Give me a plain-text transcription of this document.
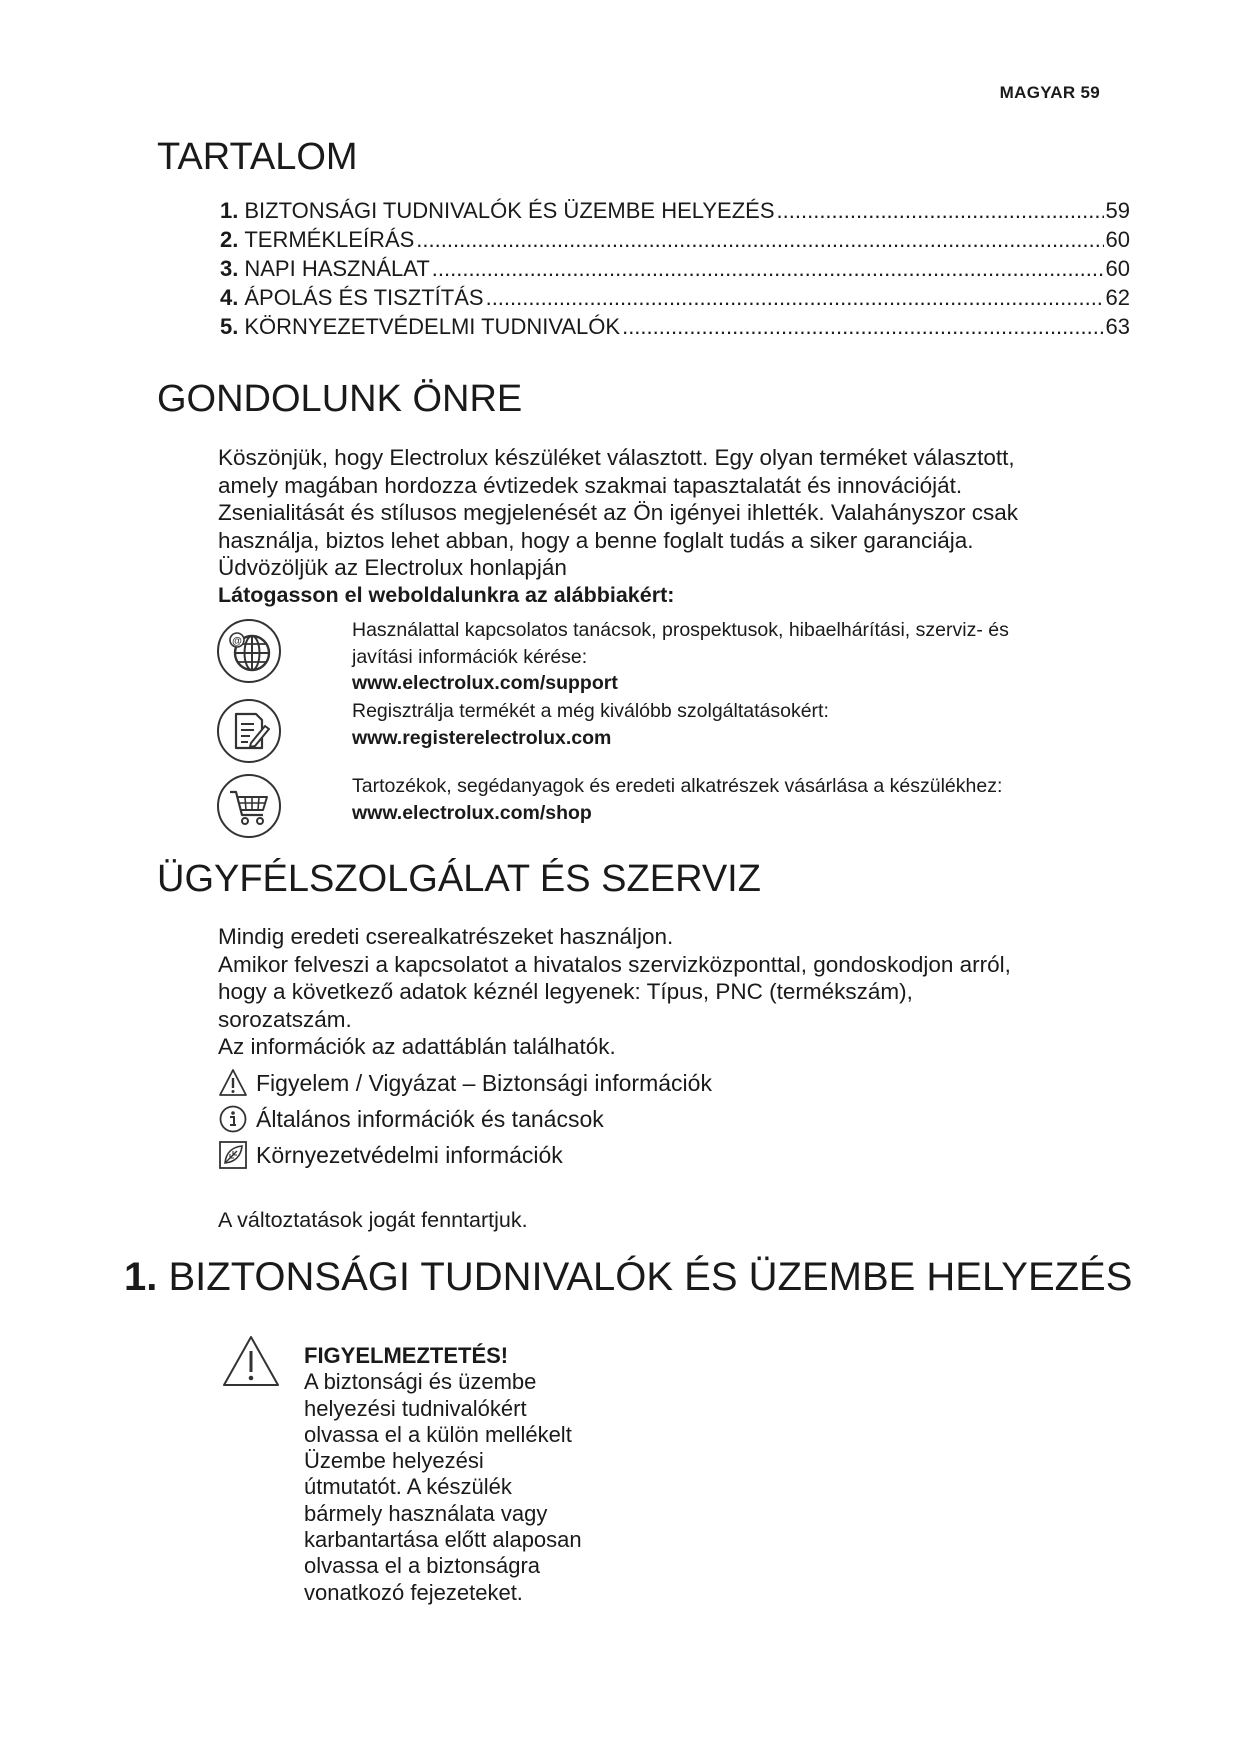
MAGYAR 59
TARTALOM
1. BIZTONSÁGI TUDNIVALÓK ÉS ÜZEMBE HELYEZÉS .....	59
2. TERMÉKLEÍRÁS .....	60
3. NAPI HASZNÁLAT .....	60
4. ÁPOLÁS ÉS TISZTÍTÁS .....	62
5. KÖRNYEZETVÉDELMI TUDNIVALÓK .....	63
GONDOLUNK ÖNRE
Köszönjük, hogy Electrolux készüléket választott. Egy olyan terméket választott,
amely magában hordozza évtizedek szakmai tapasztalatát és innovációját.
Zsenialitását és stílusos megjelenését az Ön igényei ihlették. Valahányszor csak
használja, biztos lehet abban, hogy a benne foglalt tudás a siker garanciája.
Üdvözöljük az Electrolux honlapján
Látogasson el weboldalunkra az alábbiakért:
@
Használattal kapcsolatos tanácsok, prospektusok, hibaelhárítási, szerviz- és
javítási információk kérése:
www.electrolux.com/support
Regisztrálja termékét a még kiválóbb szolgáltatásokért:
www.registerelectrolux.com
Tartozékok, segédanyagok és eredeti alkatrészek vásárlása a készülékhez:
www.electrolux.com/shop
ÜGYFÉLSZOLGÁLAT ÉS SZERVIZ
Mindig eredeti cserealkatrészeket használjon.
Amikor felveszi a kapcsolatot a hivatalos szervizközponttal, gondoskodjon arról,
hogy a következő adatok kéznél legyenek: Típus, PNC (termékszám),
sorozatszám.
Az információk az adattáblán találhatók.
Figyelem / Vigyázat – Biztonsági információk
Általános információk és tanácsok
Környezetvédelmi információk
A változtatások jogát fenntartjuk.
1. BIZTONSÁGI TUDNIVALÓK ÉS ÜZEMBE HELYEZÉS
FIGYELMEZTETÉS!
A biztonsági és üzembe
helyezési tudnivalókért
olvassa el a külön mellékelt
Üzembe helyezési
útmutatót. A készülék
bármely használata vagy
karbantartása előtt alaposan
olvassa el a biztonságra
vonatkozó fejezeteket.
